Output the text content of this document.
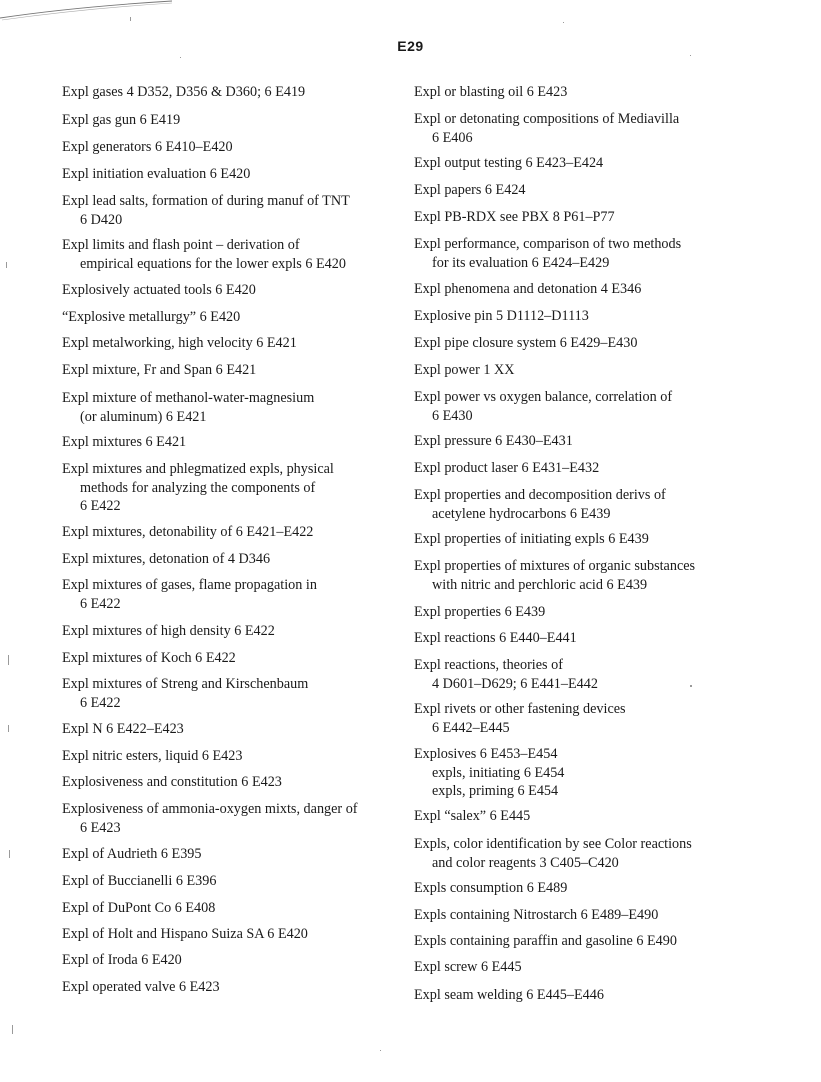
E29
Expl gases 4 D352, D356 & D360; 6 E419
Expl gas gun 6 E419
Expl generators 6 E410–E420
Expl initiation evaluation 6 E420
Expl lead salts, formation of during manuf of TNT
6 D420
Expl limits and flash point – derivation of
empirical equations for the lower expls 6 E420
Explosively actuated tools 6 E420
“Explosive metallurgy” 6 E420
Expl metalworking, high velocity 6 E421
Expl mixture, Fr and Span 6 E421
Expl mixture of methanol-water-magnesium
(or aluminum) 6 E421
Expl mixtures 6 E421
Expl mixtures and phlegmatized expls, physical
methods for analyzing the components of
6 E422
Expl mixtures, detonability of 6 E421–E422
Expl mixtures, detonation of 4 D346
Expl mixtures of gases, flame propagation in
6 E422
Expl mixtures of high density 6 E422
Expl mixtures of Koch 6 E422
Expl mixtures of Streng and Kirschenbaum
6 E422
Expl N 6 E422–E423
Expl nitric esters, liquid 6 E423
Explosiveness and constitution 6 E423
Explosiveness of ammonia-oxygen mixts, danger of
6 E423
Expl of Audrieth 6 E395
Expl of Buccianelli 6 E396
Expl of DuPont Co 6 E408
Expl of Holt and Hispano Suiza SA 6 E420
Expl of Iroda 6 E420
Expl operated valve 6 E423
Expl or blasting oil 6 E423
Expl or detonating compositions of Mediavilla
6 E406
Expl output testing 6 E423–E424
Expl papers 6 E424
Expl PB-RDX see PBX 8 P61–P77
Expl performance, comparison of two methods
for its evaluation 6 E424–E429
Expl phenomena and detonation 4 E346
Explosive pin 5 D1112–D1113
Expl pipe closure system 6 E429–E430
Expl power 1 XX
Expl power vs oxygen balance, correlation of
6 E430
Expl pressure 6 E430–E431
Expl product laser 6 E431–E432
Expl properties and decomposition derivs of
acetylene hydrocarbons 6 E439
Expl properties of initiating expls 6 E439
Expl properties of mixtures of organic substances
with nitric and perchloric acid 6 E439
Expl properties 6 E439
Expl reactions 6 E440–E441
Expl reactions, theories of
4 D601–D629; 6 E441–E442
Expl rivets or other fastening devices
6 E442–E445
Explosives 6 E453–E454
expls, initiating 6 E454
expls, priming 6 E454
Expl “salex” 6 E445
Expls, color identification by see Color reactions
and color reagents 3 C405–C420
Expls consumption 6 E489
Expls containing Nitrostarch 6 E489–E490
Expls containing paraffin and gasoline 6 E490
Expl screw 6 E445
Expl seam welding 6 E445–E446
